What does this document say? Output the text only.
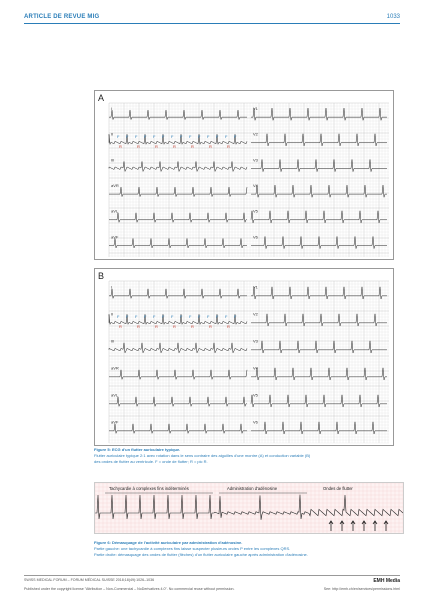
ARTICLE DE REVUE MIG	1033
A
I	V1
II	V2
III	V3
aVR	V4
aVL	V5
aVF	V6
F
R
F F
R
F F
R
F F
R
F F
R
F F
R
F F
R
F
B
I	V1
II	V2
III	V3
aVR	V4
aVL	V5
aVF	V6
F
R
F F
R
F F
R
F F
R
F F
R
F F
R
F F
R
F
Figure 5: ECG d'un flutter auriculaire typique.
Flutter auriculaire typique 2:1 avec rotation dans le sens contraire des aiguilles d'une montre (A) et conduction variable (B)
des ondes de flutter au ventricule. F = onde de flutter; R = pic R.
Tachycardie à complexes fins indéterminés	Administration d'adénosine	Ondes de flutter
Figure 6: Démasquage de l'activité auriculaire par administration d'adénosine.
Partie gauche: une tachycardie à complexes fins laisse suspecter plusieurs ondes P entre les complexes QRS.
Partie droite: démasquage des ondes de flutter (flèches) d'un flutter auriculaire gauche après administration d'adénosine.
SWISS MEDICAL FORUM – FORUM MÉDICAL SUISSE 2018;18(49):1026–1036	EMH Media
Published under the copyright license "Attribution – Non-Commercial – NoDerivatives 4.0". No commercial reuse without permission.	See: http://emh.ch/en/services/permissions.html
